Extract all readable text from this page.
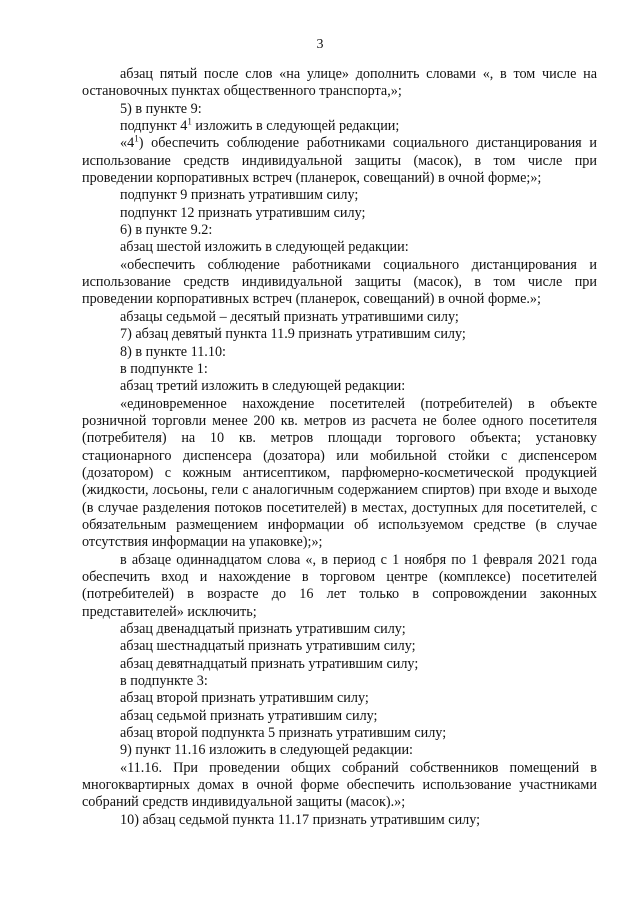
3

абзац пятый после слов «на улице» дополнить словами «, в том числе на остановочных пунктах общественного транспорта,»;

5) в пункте 9:

подпункт $4^1$ изложить в следующей редакции;

«$4^1$) обеспечить соблюдение работниками социального дистанцирования и использование средств индивидуальной защиты (масок), в том числе при проведении корпоративных встреч (планерок, совещаний) в очной форме;»;

подпункт 9 признать утратившим силу;

подпункт 12 признать утратившим силу;

6) в пункте 9.2:

абзац шестой изложить в следующей редакции:

«обеспечить соблюдение работниками социального дистанцирования и использование средств индивидуальной защиты (масок), в том числе при проведении корпоративных встреч (планерок, совещаний) в очной форме.»;

абзацы седьмой – десятый признать утратившими силу;

7) абзац девятый пункта 11.9 признать утратившим силу;

8) в пункте 11.10:

в подпункте 1:

абзац третий изложить в следующей редакции:

«единовременное нахождение посетителей (потребителей) в объекте розничной торговли менее 200 кв. метров из расчета не более одного посетителя (потребителя) на 10 кв. метров площади торгового объекта; установку стационарного диспенсера (дозатора) или мобильной стойки с диспенсером (дозатором) с кожным антисептиком, парфюмерно-косметической продукцией (жидкости, лосьоны, гели с аналогичным содержанием спиртов) при входе и выходе (в случае разделения потоков посетителей) в местах, доступных для посетителей, с обязательным размещением информации об используемом средстве (в случае отсутствия информации на упаковке);»;

в абзаце одиннадцатом слова «, в период с 1 ноября по 1 февраля 2021 года обеспечить вход и нахождение в торговом центре (комплексе) посетителей (потребителей) в возрасте до 16 лет только в сопровождении законных представителей» исключить;

абзац двенадцатый признать утратившим силу;

абзац шестнадцатый признать утратившим силу;

абзац девятнадцатый признать утратившим силу;

в подпункте 3:

абзац второй признать утратившим силу;

абзац седьмой признать утратившим силу;

абзац второй подпункта 5 признать утратившим силу;

9) пункт 11.16 изложить в следующей редакции:

«11.16. При проведении общих собраний собственников помещений в многоквартирных домах в очной форме обеспечить использование участниками собраний средств индивидуальной защиты (масок).»;

10) абзац седьмой пункта 11.17 признать утратившим силу;
